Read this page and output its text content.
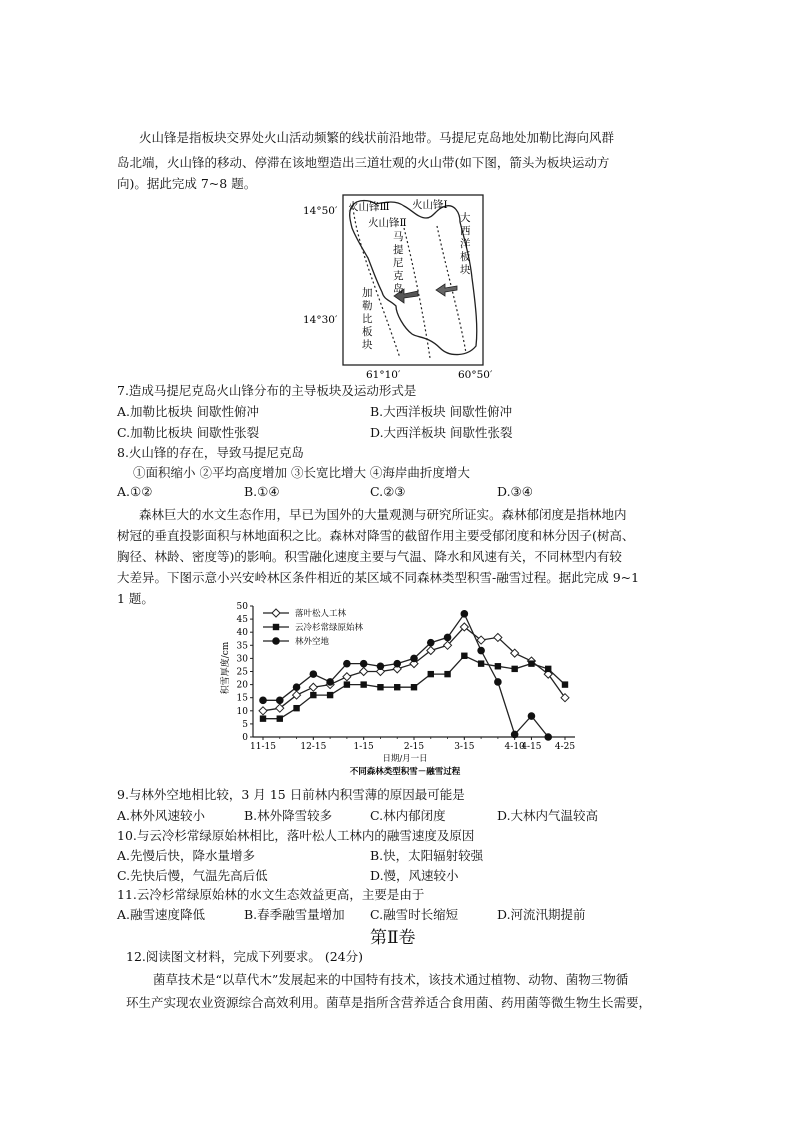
火山锋是指板块交界处火山活动频繁的线状前沿地带。马提尼克岛地处加勒比海向风群
岛北端，火山锋的移动、停滞在该地塑造出三道壮观的火山带(如下图，箭头为板块运动方
向)。据此完成 7~8 题。
14°50′
14°30′
61°10′	60°50′
火山锋Ⅲ 火山锋Ⅰ
火山锋Ⅱ
马
提
尼
克
岛
大
西
洋
板
块
加
勒
比
板
块
7.造成马提尼克岛火山锋分布的主导板块及运动形式是
A.加勒比板块 间歇性俯冲	B.大西洋板块 间歇性俯冲
C.加勒比板块 间歇性张裂	D.大西洋板块 间歇性张裂
8.火山锋的存在，导致马提尼克岛
①面积缩小 ②平均高度增加 ③长宽比增大 ④海岸曲折度增大
A.①②	B.①④	C.②③	D.③④
森林巨大的水文生态作用，早已为国外的大量观测与研究所证实。森林郁闭度是指林地内
树冠的垂直投影面积与林地面积之比。森林对降雪的截留作用主要受郁闭度和林分因子(树高、
胸径、林龄、密度等)的影响。积雪融化速度主要与气温、降水和风速有关，不同林型内有较
大差异。下图示意小兴安岭林区条件相近的某区域不同森林类型积雪-融雪过程。据此完成 9~1
1 题。
0
5
10
15
20
25
30
35
40
45
50
11-15	12-15	1-15	2-15	3-15	4-10
4-15 4-25
落叶松人工林
云冷杉常绿原始林
林外空地
积雪厚度/cm
日期/月一日
不同森林类型积雪－融雪过程
9.与林外空地相比较，3 月 15 日前林内积雪薄的原因最可能是
A.林外风速较小	B.林外降雪较多	C.林内郁闭度	D.大林内气温较高
10.与云冷杉常绿原始林相比，落叶松人工林内的融雪速度及原因
A.先慢后快，降水量增多	B.快，太阳辐射较强
C.先快后慢，气温先高后低	D.慢，风速较小
11.云冷杉常绿原始林的水文生态效益更高，主要是由于
A.融雪速度降低	B.春季融雪量增加 C.融雪时长缩短	D.河流汛期提前
第Ⅱ卷
12.阅读图文材料，完成下列要求。 (24分)
菌草技术是“以草代木”发展起来的中国特有技术，该技术通过植物、动物、菌物三物循
环生产实现农业资源综合高效利用。菌草是指所含营养适合食用菌、药用菌等微生物生长需要，
